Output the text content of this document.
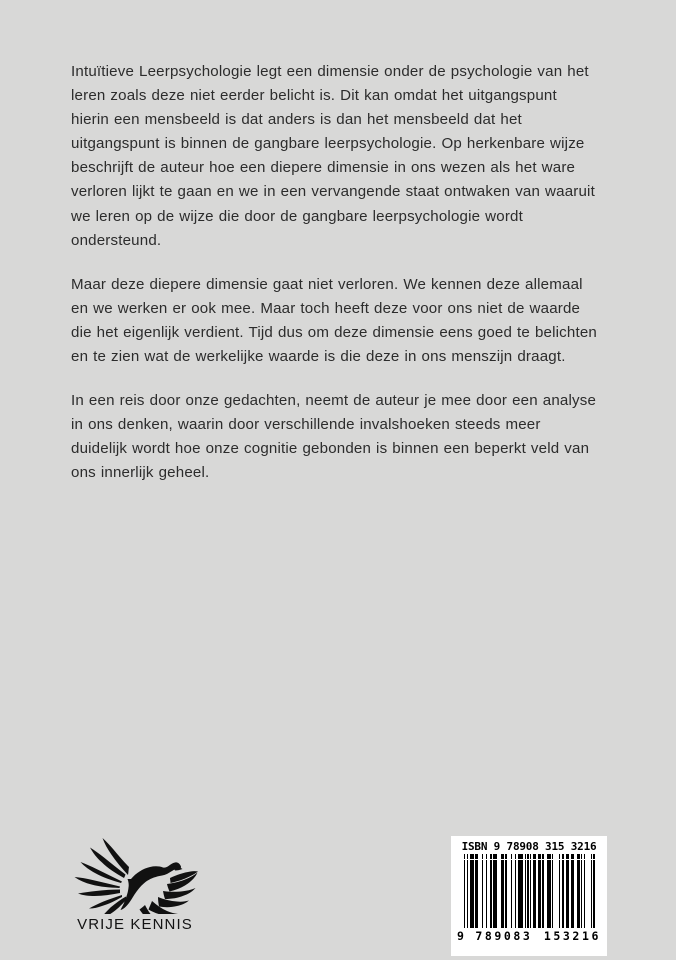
Intuïtieve Leerpsychologie legt een dimensie onder de psychologie van het leren zoals deze niet eerder belicht is. Dit kan omdat het uitgangspunt hierin een mensbeeld is dat anders is dan het mensbeeld dat het uitgangspunt is binnen de gangbare leerpsychologie. Op herkenbare wijze beschrijft de auteur hoe een diepere dimensie in ons wezen als het ware verloren lijkt te gaan en we in een vervangende staat ontwaken van waaruit we leren op de wijze die door de gangbare leerpsychologie wordt ondersteund.

Maar deze diepere dimensie gaat niet verloren. We kennen deze allemaal en we werken er ook mee. Maar toch heeft deze voor ons niet de waarde die het eigenlijk verdient. Tijd dus om deze dimensie eens goed te belichten en te zien wat de werkelijke waarde is die deze in ons menszijn draagt.

In een reis door onze gedachten, neemt de auteur je mee door een analyse in ons denken, waarin door verschillende invalshoeken steeds meer duidelijk wordt hoe onze cognitie gebonden is binnen een beperkt veld van ons innerlijk geheel.

VRIJE KENNIS
ISBN 9 78908 315 3216
9 789083 153216
